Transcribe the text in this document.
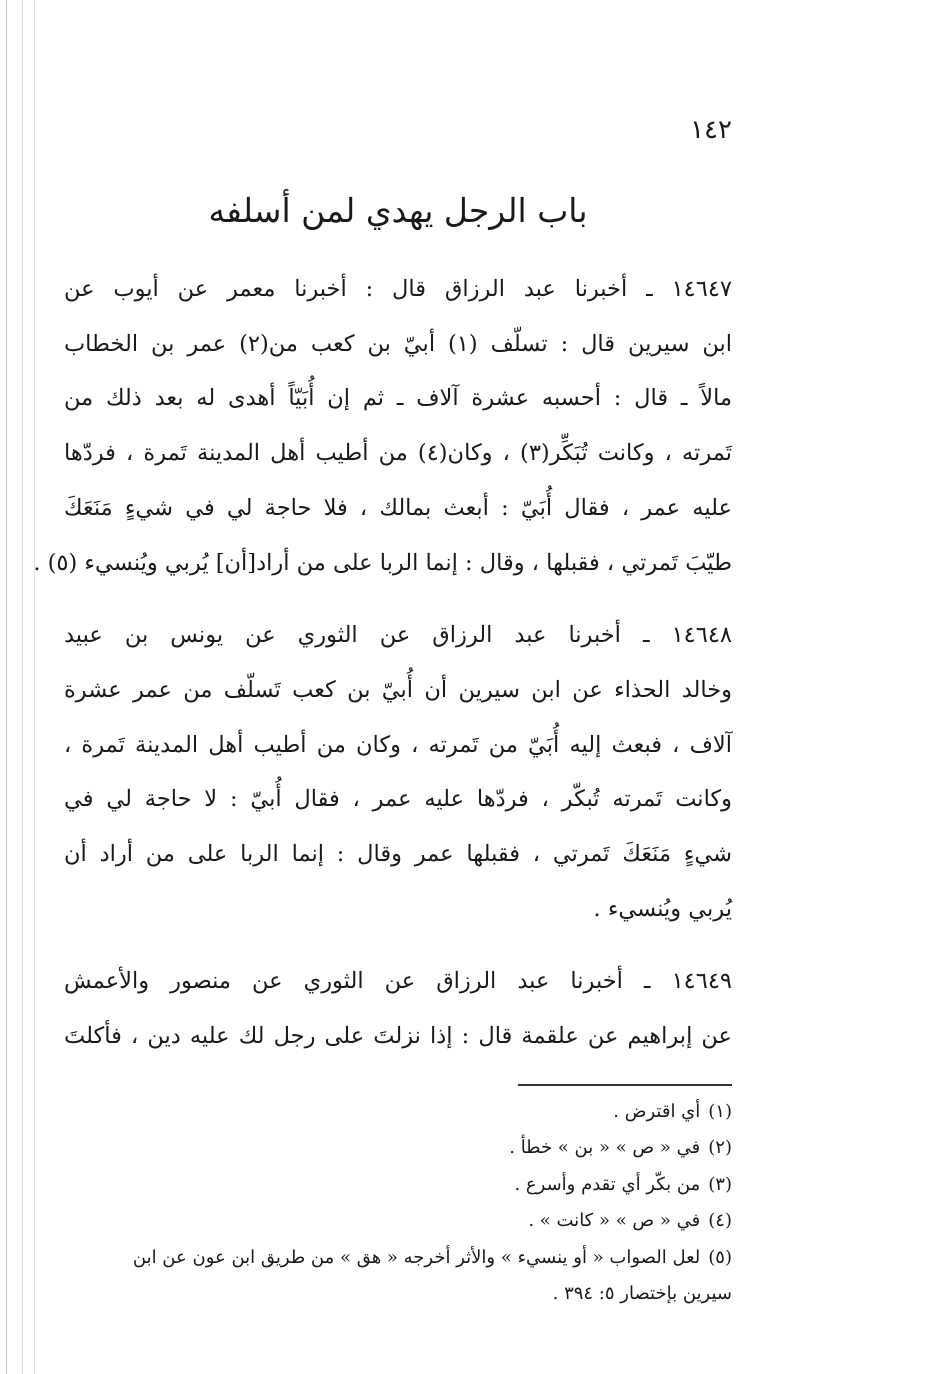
١٤٢
باب الرجل يهدي لمن أسلفه
١٤٦٤٧ ـ أخبرنا عبد الرزاق قال : أخبرنا معمر عن أيوب عن
ابن سيرين قال : تسلّف (١) أبيّ بن كعب من(٢) عمر بن الخطاب
مالاً ـ قال : أحسبه عشرة آلاف ـ ثم إن أُبَيّاً أهدى له بعد ذلك من
تَمرته ، وكانت تُبَكِّر(٣) ، وكان(٤) من أطيب أهل المدينة تَمرة ، فردّها
عليه عمر ، فقال أُبَيّ : أبعث بمالك ، فلا حاجة لي في شيءٍ مَنَعَكَ
طيّبَ تَمرتي ، فقبلها ، وقال : إنما الربا على من أراد[أن] يُربي ويُنسيء (٥) .
١٤٦٤٨ ـ أخبرنا عبد الرزاق عن الثوري عن يونس بن عبيد
وخالد الحذاء عن ابن سيرين أن أُبيّ بن كعب تَسلّف من عمر عشرة
آلاف ، فبعث إليه أُبَيّ من تَمرته ، وكان من أطيب أهل المدينة تَمرة ،
وكانت تَمرته تُبكّر ، فردّها عليه عمر ، فقال أُبيّ : لا حاجة لي في
شيءٍ مَنَعَكَ تَمرتي ، فقبلها عمر وقال : إنما الربا على من أراد أن
يُربي ويُنسيء .
١٤٦٤٩ ـ أخبرنا عبد الرزاق عن الثوري عن منصور والأعمش
عن إبراهيم عن علقمة قال : إذا نزلتَ على رجل لك عليه دين ، فأكلتَ
(١)أي اقترض .
(٢)في « ص » « بن » خطأ .
(٣)من بكّر أي تقدم وأسرع .
(٤)في « ص » « كانت » .
(٥)لعل الصواب « أو ينسيء » والأثر أخرجه « هق » من طريق ابن عون عن ابن
سيرين بإختصار ٥: ٣٩٤ .
